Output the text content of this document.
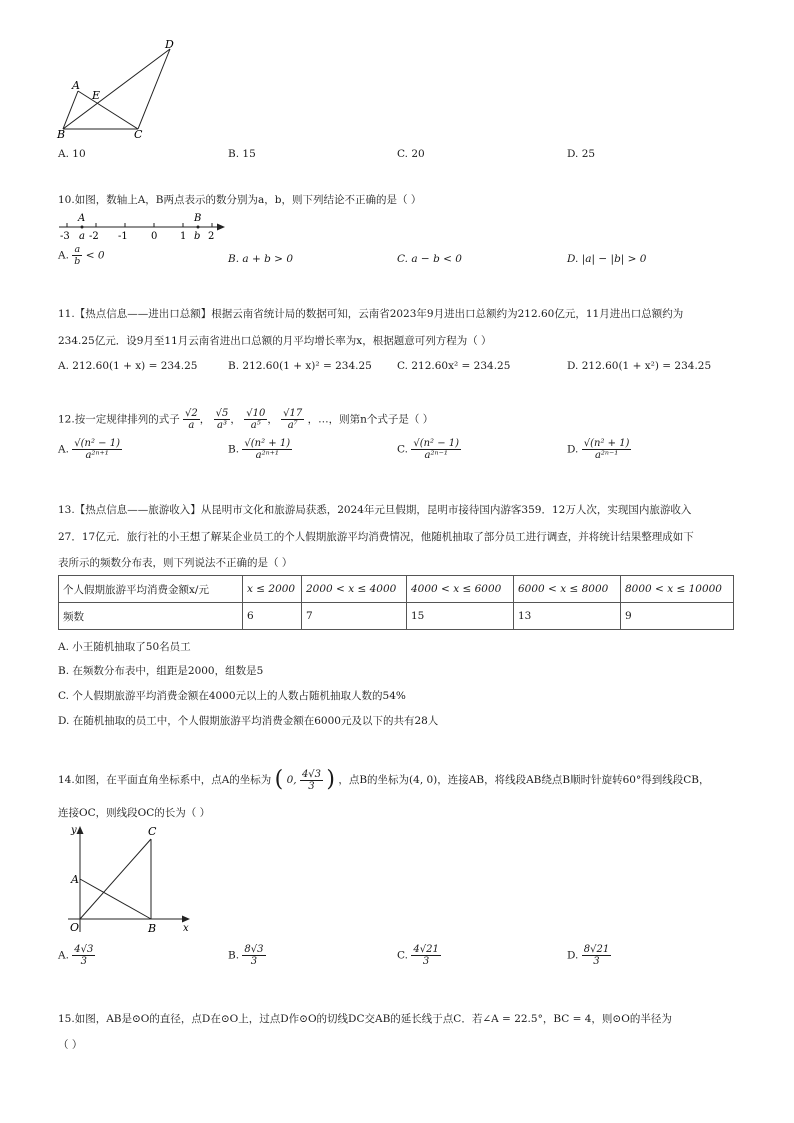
D
A
E
B	C
A. 10	B. 15	C. 20	D. 25
10.如图，数轴上A，B两点表示的数分别为a，b，则下列结论不正确的是（ ）
A	B
-3 a -2 -1 0 1 b 2
A. $\frac{a}{b} < 0$	B. a + b > 0	C. a − b < 0	D. |a| − |b| > 0
11.【热点信息——进出口总额】根据云南省统计局的数据可知，云南省2023年9月进出口总额约为212.60亿元，11月进出口总额约为
234.25亿元．设9月至11月云南省进出口总额的月平均增长率为x，根据题意可列方程为（ ）
A. 212.60(1 + x) = 234.25	B. 212.60(1 + x)² = 234.25 C. 212.60x² = 234.25	D. 212.60(1 + x²) = 234.25
12.按一定规律排列的式子 $\frac{√2}{a}$ ， $\frac{√5}{\text{a³}}$ ， $\frac{√10}{\text{a⁵}}$ ， $\frac{√17}{\text{a⁷}}$ ，…，则第n个式子是（ ）
A. $\frac{\text{√(n² − 1)}}{\text{a²ⁿ⁺¹}}$	B. $\frac{\text{√(n² + 1)}}{\text{a²ⁿ⁺¹}}$	C. $\frac{\text{√(n² − 1)}}{\text{a²ⁿ⁻¹}}$	D. $\frac{\text{√(n² + 1)}}{\text{a²ⁿ⁻¹}}$
13.【热点信息——旅游收入】从昆明市文化和旅游局获悉，2024年元旦假期，昆明市接待国内游客359．12万人次，实现国内旅游收入
27．17亿元．旅行社的小王想了解某企业员工的个人假期旅游平均消费情况，他随机抽取了部分员工进行调查，并将统计结果整理成如下
表所示的频数分布表，则下列说法不正确的是（ ）
个人假期旅游平均消费金额x/元	x ≤ 2000	2000 < x ≤ 4000	4000 < x ≤ 6000	6000 < x ≤ 8000	8000 < x ≤ 10000
频数	6	7	15	13	9
A. 小王随机抽取了50名员工
B. 在频数分布表中，组距是2000，组数是5
C. 个人假期旅游平均消费金额在4000元以上的人数占随机抽取人数的54%
D. 在随机抽取的员工中，个人假期旅游平均消费金额在6000元及以下的共有28人
14.如图，在平面直角坐标系中，点A的坐标为 ( 0, $\frac{4√3}{3}$ ) ，点B的坐标为(4, 0)，连接AB，将线段AB绕点B顺时针旋转60°得到线段CB，
连接OC，则线段OC的长为（ ）
y	C
A
O	B	x
A. $\frac{4√3}{3}$	B. $\frac{8√3}{3}$	C. $\frac{4√21}{3}$	D. $\frac{8√21}{3}$
15.如图，AB是⊙O的直径，点D在⊙O上，过点D作⊙O的切线DC交AB的延长线于点C．若∠A = 22.5°，BC = 4，则⊙O的半径为
（ ）
